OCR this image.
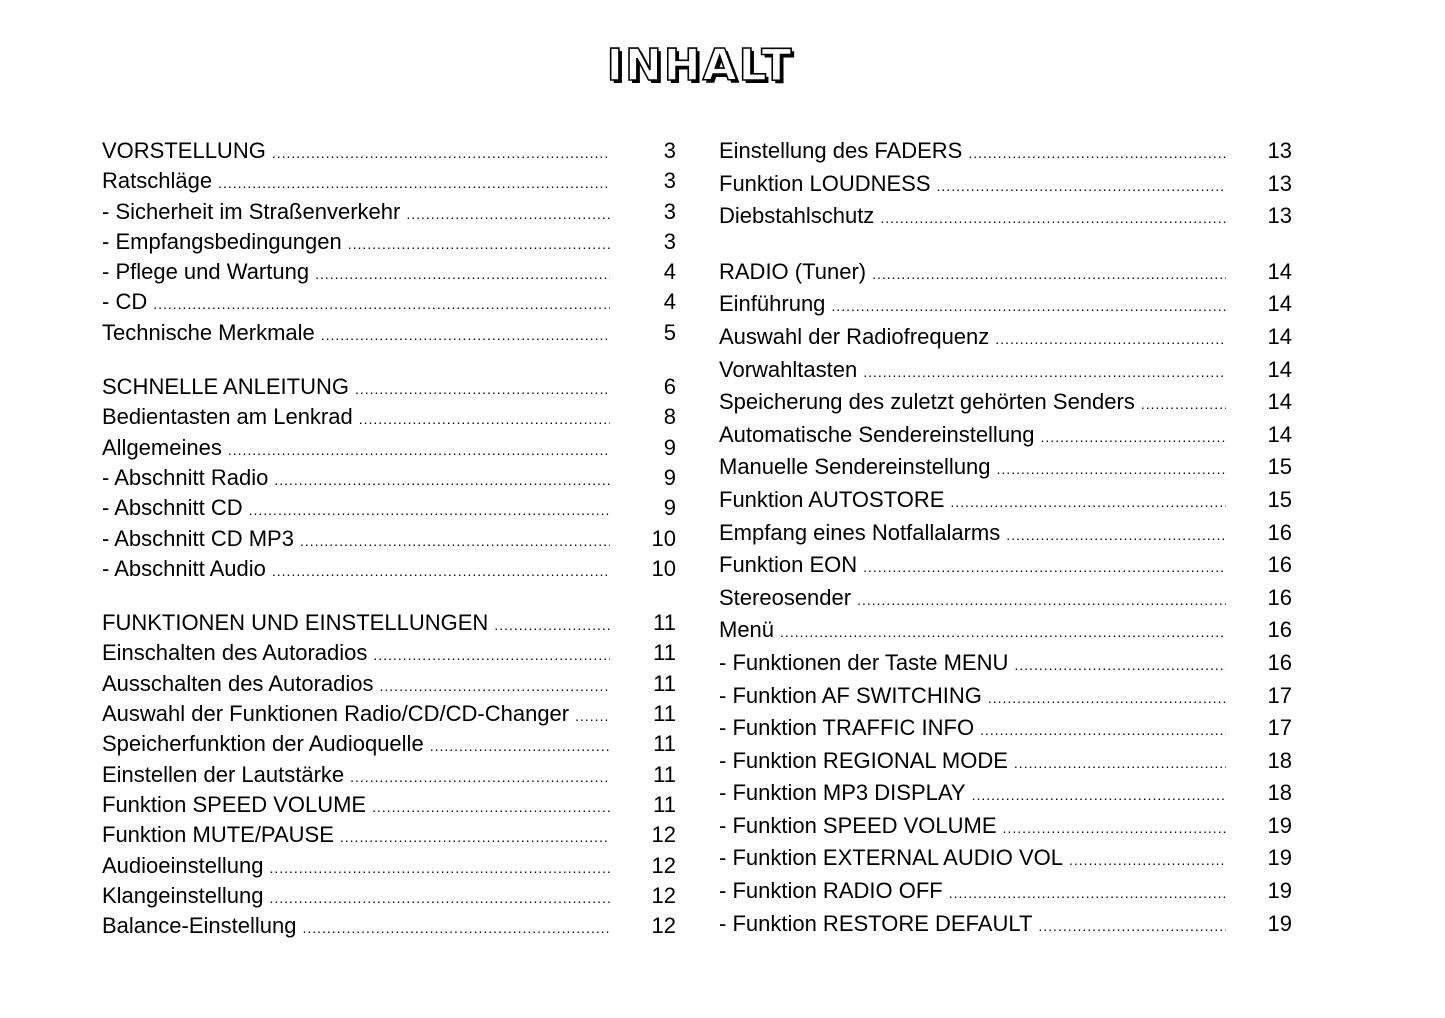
INHALT
VORSTELLUNG .....	3
Ratschläge .....	3
- Sicherheit im Straßenverkehr .....	3
- Empfangsbedingungen .....	3
- Pflege und Wartung .....	4
- CD .....	4
Technische Merkmale .....	5
SCHNELLE ANLEITUNG .....	6
Bedientasten am Lenkrad .....	8
Allgemeines .....	9
- Abschnitt Radio .....	9
- Abschnitt CD .....	9
- Abschnitt CD MP3 .....	10
- Abschnitt Audio .....	10
FUNKTIONEN UND EINSTELLUNGEN .....	11
Einschalten des Autoradios .....	11
Ausschalten des Autoradios .....	11
Auswahl der Funktionen Radio/CD/CD-Changer .....	11
Speicherfunktion der Audioquelle .....	11
Einstellen der Lautstärke .....	11
Funktion SPEED VOLUME .....	11
Funktion MUTE/PAUSE .....	12
Audioeinstellung .....	12
Klangeinstellung .....	12
Balance-Einstellung .....	12
Einstellung des FADERS .....	13
Funktion LOUDNESS .....	13
Diebstahlschutz .....	13
RADIO (Tuner) .....	14
Einführung .....	14
Auswahl der Radiofrequenz .....	14
Vorwahltasten .....	14
Speicherung des zuletzt gehörten Senders .....	14
Automatische Sendereinstellung .....	14
Manuelle Sendereinstellung .....	15
Funktion AUTOSTORE .....	15
Empfang eines Notfallalarms .....	16
Funktion EON .....	16
Stereosender .....	16
Menü .....	16
- Funktionen der Taste MENU .....	16
- Funktion AF SWITCHING .....	17
- Funktion TRAFFIC INFO .....	17
- Funktion REGIONAL MODE .....	18
- Funktion MP3 DISPLAY .....	18
- Funktion SPEED VOLUME .....	19
- Funktion EXTERNAL AUDIO VOL .....	19
- Funktion RADIO OFF .....	19
- Funktion RESTORE DEFAULT .....	19
